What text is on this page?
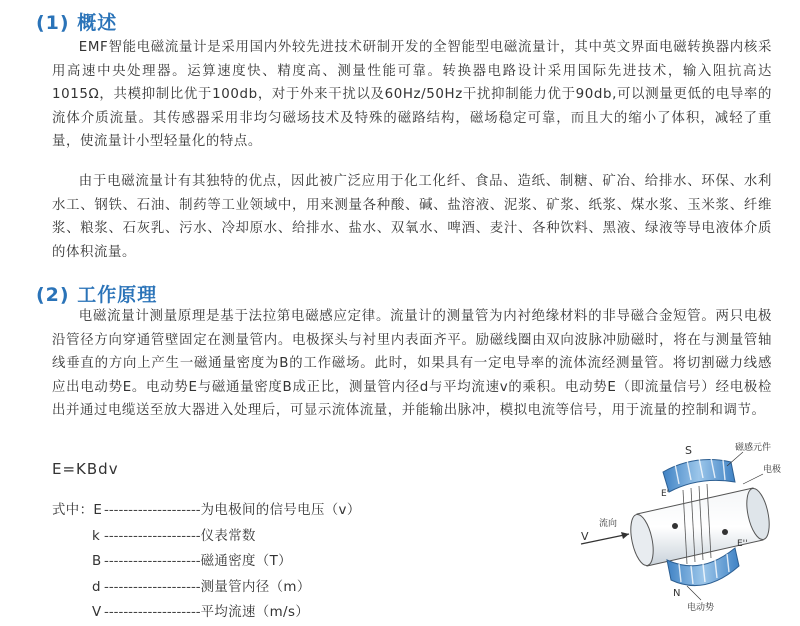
(1) 概述

EMF智能电磁流量计是采用国内外较先进技术研制开发的全智能型电磁流量计，其中英文界面电磁转换器内核采用高速中央处理器。运算速度快、精度高、测量性能可靠。转换器电路设计采用国际先进技术，输入阻抗高达1015Ω，共模抑制比优于100db，对于外来干扰以及60Hz/50Hz干扰抑制能力优于90db,可以测量更低的电导率的流体介质流量。其传感器采用非均匀磁场技术及特殊的磁路结构，磁场稳定可靠，而且大的缩小了体积，减轻了重量，使流量计小型轻量化的特点。

由于电磁流量计有其独特的优点，因此被广泛应用于化工化纤、食品、造纸、制糖、矿冶、给排水、环保、水利水工、钢铁、石油、制药等工业领域中，用来测量各种酸、碱、盐溶液、泥浆、矿浆、纸浆、煤水浆、玉米浆、纤维浆、粮浆、石灰乳、污水、冷却原水、给排水、盐水、双氧水、啤酒、麦汁、各种饮料、黑液、绿液等导电液体介质的体积流量。

(2) 工作原理

电磁流量计测量原理是基于法拉第电磁感应定律。流量计的测量管为内衬绝缘材料的非导磁合金短管。两只电极沿管径方向穿通管壁固定在测量管内。电极探头与衬里内表面齐平。励磁线圈由双向波脉冲励磁时，将在与测量管轴线垂直的方向上产生一磁通量密度为B的工作磁场。此时，如果具有一定电导率的流体流经测量管。将切割磁力线感应出电动势E。电动势E与磁通量密度B成正比，测量管内径d与平均流速v的乘积。电动势E（即流量信号）经电极检出并通过电缆送至放大器进入处理后，可显示流体流量，并能输出脉冲，模拟电流等信号，用于流量的控制和调节。

E=KBdv

式中：E --------------------为电极间的信号电压（v）
k --------------------仪表常数
B --------------------磁通密度（T）
d --------------------测量管内径（m）
V --------------------平均流速（m/s）
S
N
E'
E''
V
流向
磁感元件
电极
电动势
